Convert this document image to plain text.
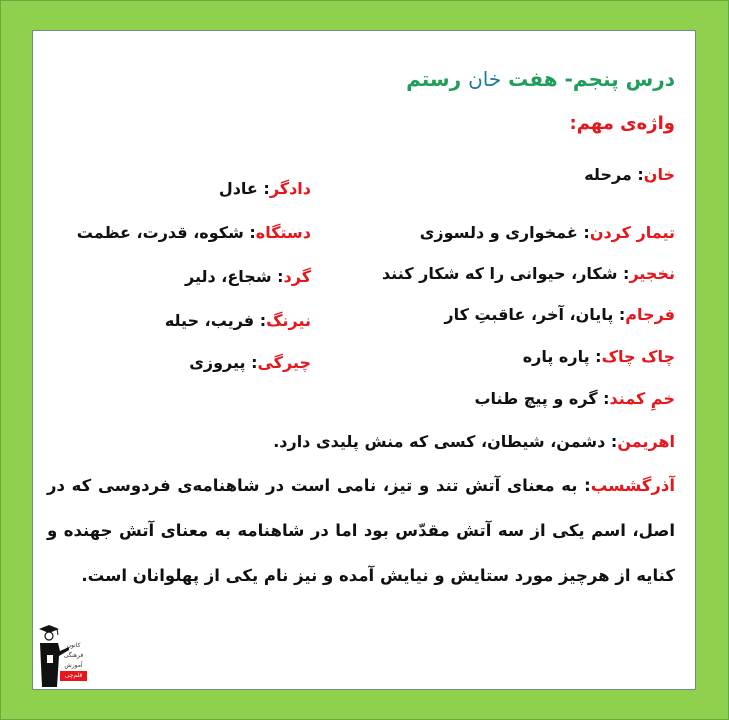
درس پنجم- هفت خان رستم
واژه‌ی مهم:
خان: مرحله
تیمار کردن: غمخواری و دلسوزی
نخجیر: شکار، حیوانی را که شکار کنند
فرجام: پایان، آخر، عاقبتِ کار
چاک چاک: پاره پاره
خمِ کمند: گره و پیچ طناب
دادگر: عادل
دستگاه: شکوه، قدرت، عظمت
گرد: شجاع، دلیر
نیرنگ: فریب، حیله
چیرگی: پیروزی
اهریمن: دشمن، شیطان، کسی که منش پلیدی دارد.
آذرگشسب: به معنای آتش تند و تیز، نامی است در شاهنامه‌ی فردوسی که در اصل، اسم یکی از سه آتش مقدّس بود اما در شاهنامه به معنای آتش جهنده و کنایه از هرچیز مورد ستایش و نیایش آمده و نیز نام یکی از پهلوانان است.
کانون
فرهنگی
آموزش
قلم‌چی
